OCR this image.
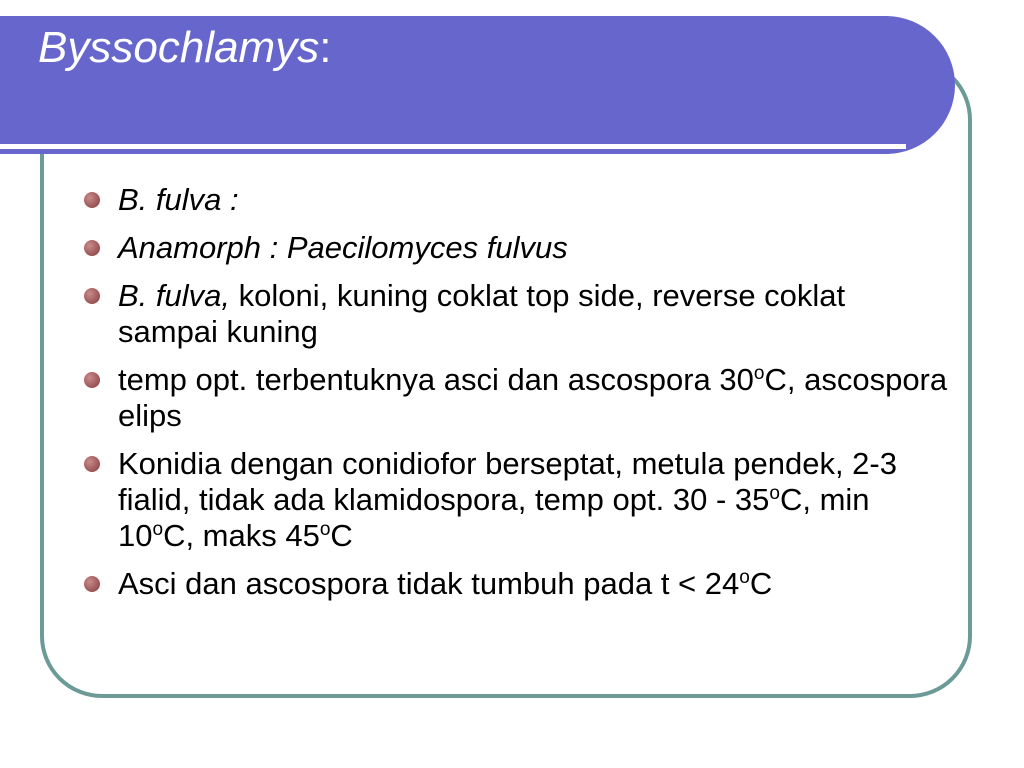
Byssochlamys:
B. fulva :
Anamorph : Paecilomyces fulvus
B. fulva, koloni, kuning coklat top side, reverse coklat sampai kuning
temp opt. terbentuknya asci dan ascospora 30$^o$C, ascospora elips
Konidia dengan conidiofor berseptat, metula pendek, 2-3 fialid, tidak ada klamidospora, temp opt. 30 - 35$^o$C, min 10$^o$C, maks 45$^o$C
Asci dan ascospora tidak tumbuh pada $t < 24^oC$
